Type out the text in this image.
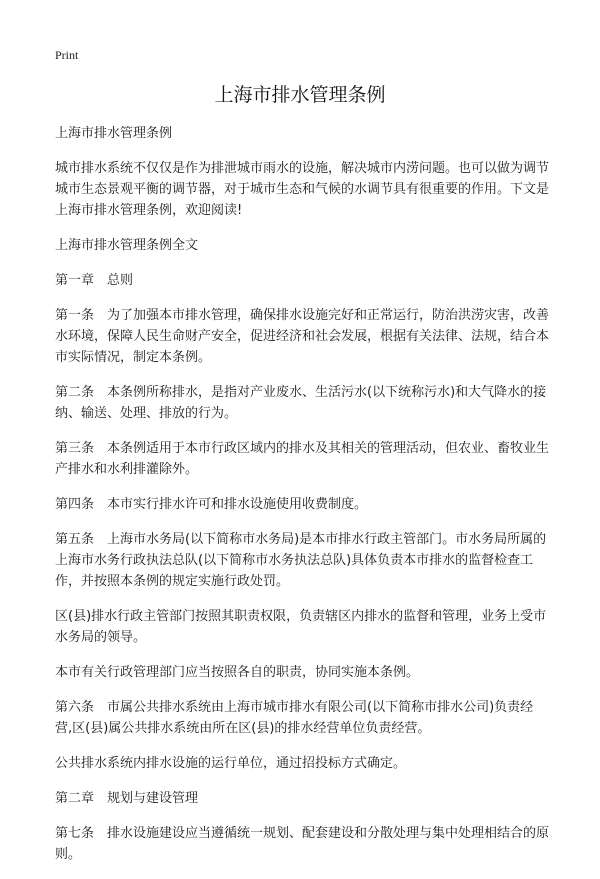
Print
上海市排水管理条例

上海市排水管理条例

城市排水系统不仅仅是作为排泄城市雨水的设施，解决城市内涝问题。也可以做为调节城市生态景观平衡的调节器，对于城市生态和气候的水调节具有很重要的作用。下文是上海市排水管理条例，欢迎阅读!

上海市排水管理条例全文

第一章　总则

第一条　为了加强本市排水管理，确保排水设施完好和正常运行，防治洪涝灾害，改善水环境，保障人民生命财产安全，促进经济和社会发展，根据有关法律、法规，结合本市实际情况，制定本条例。

第二条　本条例所称排水，是指对产业废水、生活污水(以下统称污水)和大气降水的接纳、输送、处理、排放的行为。

第三条　本条例适用于本市行政区域内的排水及其相关的管理活动，但农业、畜牧业生产排水和水利排灌除外。

第四条　本市实行排水许可和排水设施使用收费制度。

第五条　上海市水务局(以下简称市水务局)是本市排水行政主管部门。市水务局所属的上海市水务行政执法总队(以下简称市水务执法总队)具体负责本市排水的监督检查工作，并按照本条例的规定实施行政处罚。

区(县)排水行政主管部门按照其职责权限，负责辖区内排水的监督和管理，业务上受市水务局的领导。

本市有关行政管理部门应当按照各自的职责，协同实施本条例。

第六条　市属公共排水系统由上海市城市排水有限公司(以下简称市排水公司)负责经营,区(县)属公共排水系统由所在区(县)的排水经营单位负责经营。

公共排水系统内排水设施的运行单位，通过招投标方式确定。

第二章　规划与建设管理

第七条　排水设施建设应当遵循统一规划、配套建设和分散处理与集中处理相结合的原则。
